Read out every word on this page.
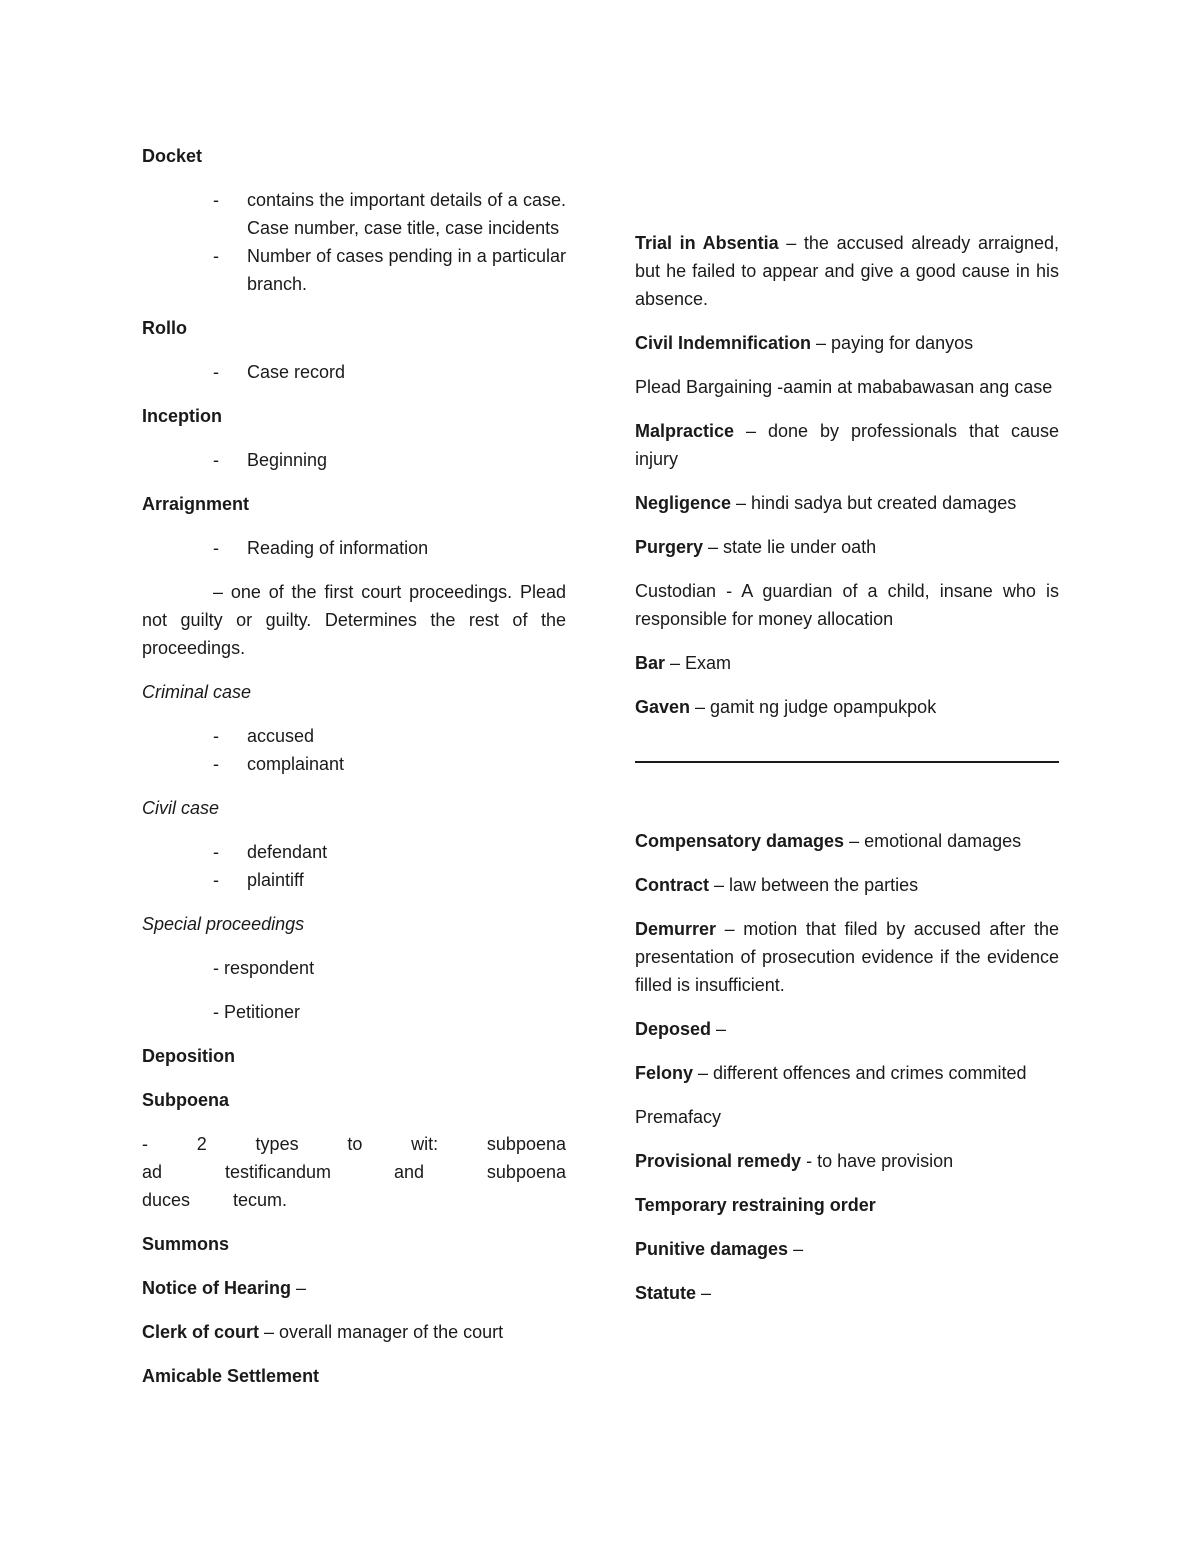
Docket
- contains the important details of a case. Case number, case title, case incidents
- Number of cases pending in a particular branch.
Rollo
- Case record
Inception
- Beginning
Arraignment
- Reading of information
– one of the first court proceedings. Plead not guilty or guilty. Determines the rest of the proceedings.
Criminal case
- accused
- complainant
Civil case
- defendant
- plaintiff
Special proceedings
- respondent
- Petitioner
Deposition
Subpoena
- 2 types to wit: subpoena ad testificandum and subpoena duces tecum.
Summons
Notice of Hearing –
Clerk of court – overall manager of the court
Amicable Settlement
Trial in Absentia – the accused already arraigned, but he failed to appear and give a good cause in his absence.
Civil Indemnification – paying for danyos
Plead Bargaining -aamin at mababawasan ang case
Malpractice – done by professionals that cause injury
Negligence – hindi sadya but created damages
Purgery – state lie under oath
Custodian - A guardian of a child, insane who is responsible for money allocation
Bar – Exam
Gaven – gamit ng judge opampukpok
Compensatory damages – emotional damages
Contract – law between the parties
Demurrer – motion that filed by accused after the presentation of prosecution evidence if the evidence filled is insufficient.
Deposed –
Felony – different offences and crimes commited
Premafacy
Provisional remedy - to have provision
Temporary restraining order
Punitive damages –
Statute –
